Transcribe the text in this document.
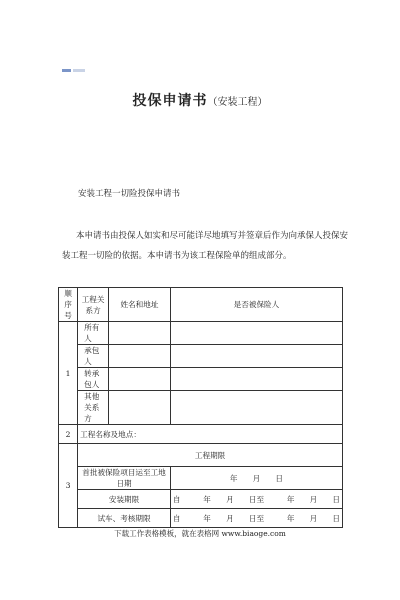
投保申请书（安装工程）
安装工程一切险投保申请书
本申请书由投保人如实和尽可能详尽地填写并签章后作为向承保人投保安装工程一切险的依据。本申请书为该工程保险单的组成部分。
顺序号	工程关系方	姓名和地址	是否被保险人
1	所有人		
	承包人		
	转承包人		
	其他关系方		
2	工程名称及地点：		
3	工程期限		
	首批被保险项目运至工地日期		年　　月　　日
	安装期限		自　　　年　　月　　日至　　　年　　月　　日
	试车、考核期限		自　　　年　　月　　日至　　　年　　月　　日
下载工作表格模板，就在表格网 www.biaoge.com
